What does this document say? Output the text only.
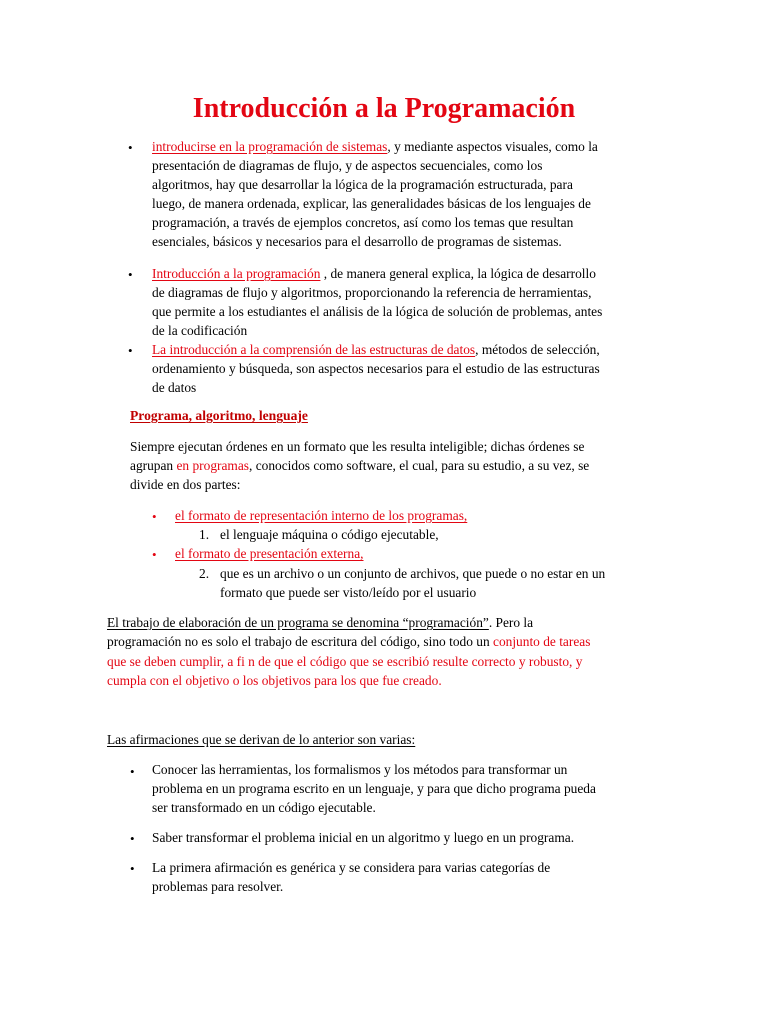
Introducción a la Programación
• introducirse en la programación de sistemas, y mediante aspectos visuales, como la
presentación de diagramas de flujo, y de aspectos secuenciales, como los
algoritmos, hay que desarrollar la lógica de la programación estructurada, para
luego, de manera ordenada, explicar, las generalidades básicas de los lenguajes de
programación, a través de ejemplos concretos, así como los temas que resultan
esenciales, básicos y necesarios para el desarrollo de programas de sistemas.
• Introducción a la programación , de manera general explica, la lógica de desarrollo
de diagramas de flujo y algoritmos, proporcionando la referencia de herramientas,
que permite a los estudiantes el análisis de la lógica de solución de problemas, antes
de la codificación
• La introducción a la comprensión de las estructuras de datos, métodos de selección,
ordenamiento y búsqueda, son aspectos necesarios para el estudio de las estructuras
de datos
Programa, algoritmo, lenguaje
Siempre ejecutan órdenes en un formato que les resulta inteligible; dichas órdenes se
agrupan en programas, conocidos como software, el cual, para su estudio, a su vez, se
divide en dos partes:
• el formato de representación interno de los programas,
1. el lenguaje máquina o código ejecutable,
• el formato de presentación externa,
2. que es un archivo o un conjunto de archivos, que puede o no estar en un
formato que puede ser visto/leído por el usuario
El trabajo de elaboración de un programa se denomina “programación”. Pero la
programación no es solo el trabajo de escritura del código, sino todo un conjunto de tareas
que se deben cumplir, a fi n de que el código que se escribió resulte correcto y robusto, y
cumpla con el objetivo o los objetivos para los que fue creado.
Las afirmaciones que se derivan de lo anterior son varias:
• Conocer las herramientas, los formalismos y los métodos para transformar un
problema en un programa escrito en un lenguaje, y para que dicho programa pueda
ser transformado en un código ejecutable.
• Saber transformar el problema inicial en un algoritmo y luego en un programa.
• La primera afirmación es genérica y se considera para varias categorías de
problemas para resolver.
